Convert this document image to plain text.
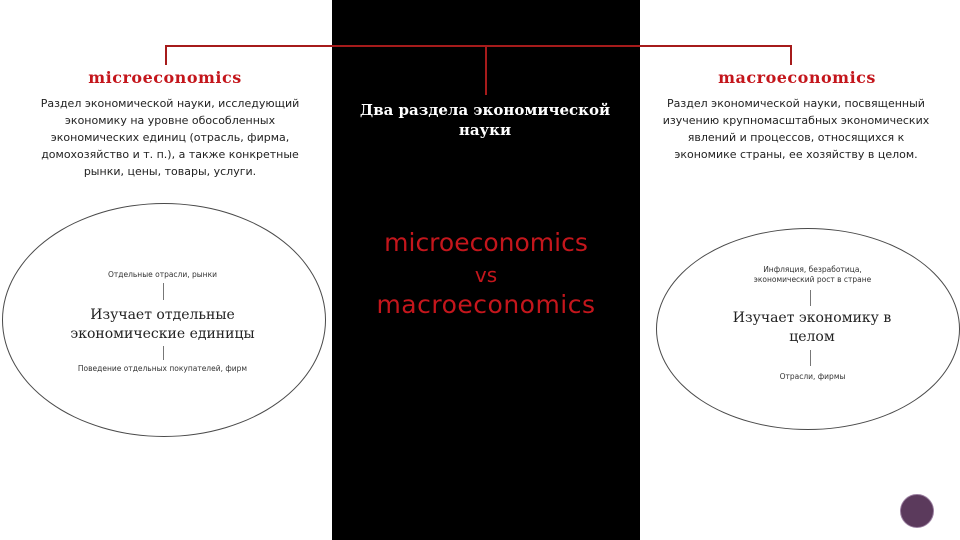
microeconomics
Раздел экономической науки, исследующий экономику на уровне обособленных экономических единиц (отрасль, фирма, домохозяйство и т. п.), а также конкретные рынки, цены, товары, услуги.
macroeconomics
Раздел экономической науки, посвященный изучению крупномасштабных экономических явлений и процессов, относящихся к экономике страны, ее хозяйству в целом.
Два раздела экономической науки
microeconomics
vs
macroeconomics
Отдельные отрасли, рынки
Изучает отдельные экономические единицы
Поведение отдельных покупателей, фирм
Инфляция, безработица, экономический рост в стране
Изучает экономику в целом
Отрасли, фирмы
